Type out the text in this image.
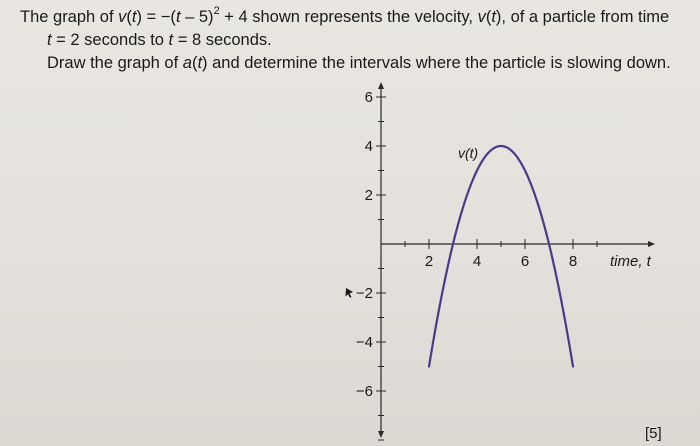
The graph of v(t) = −(t – 5)$^2$ + 4 shown represents the velocity, v(t), of a particle from time
t = 2 seconds to t = 8 seconds.
Draw the graph of a(t) and determine the intervals where the particle is slowing down.
2	4	6	8
−6
−4
−2
2
4
6
time, t
v(t)
[5]
